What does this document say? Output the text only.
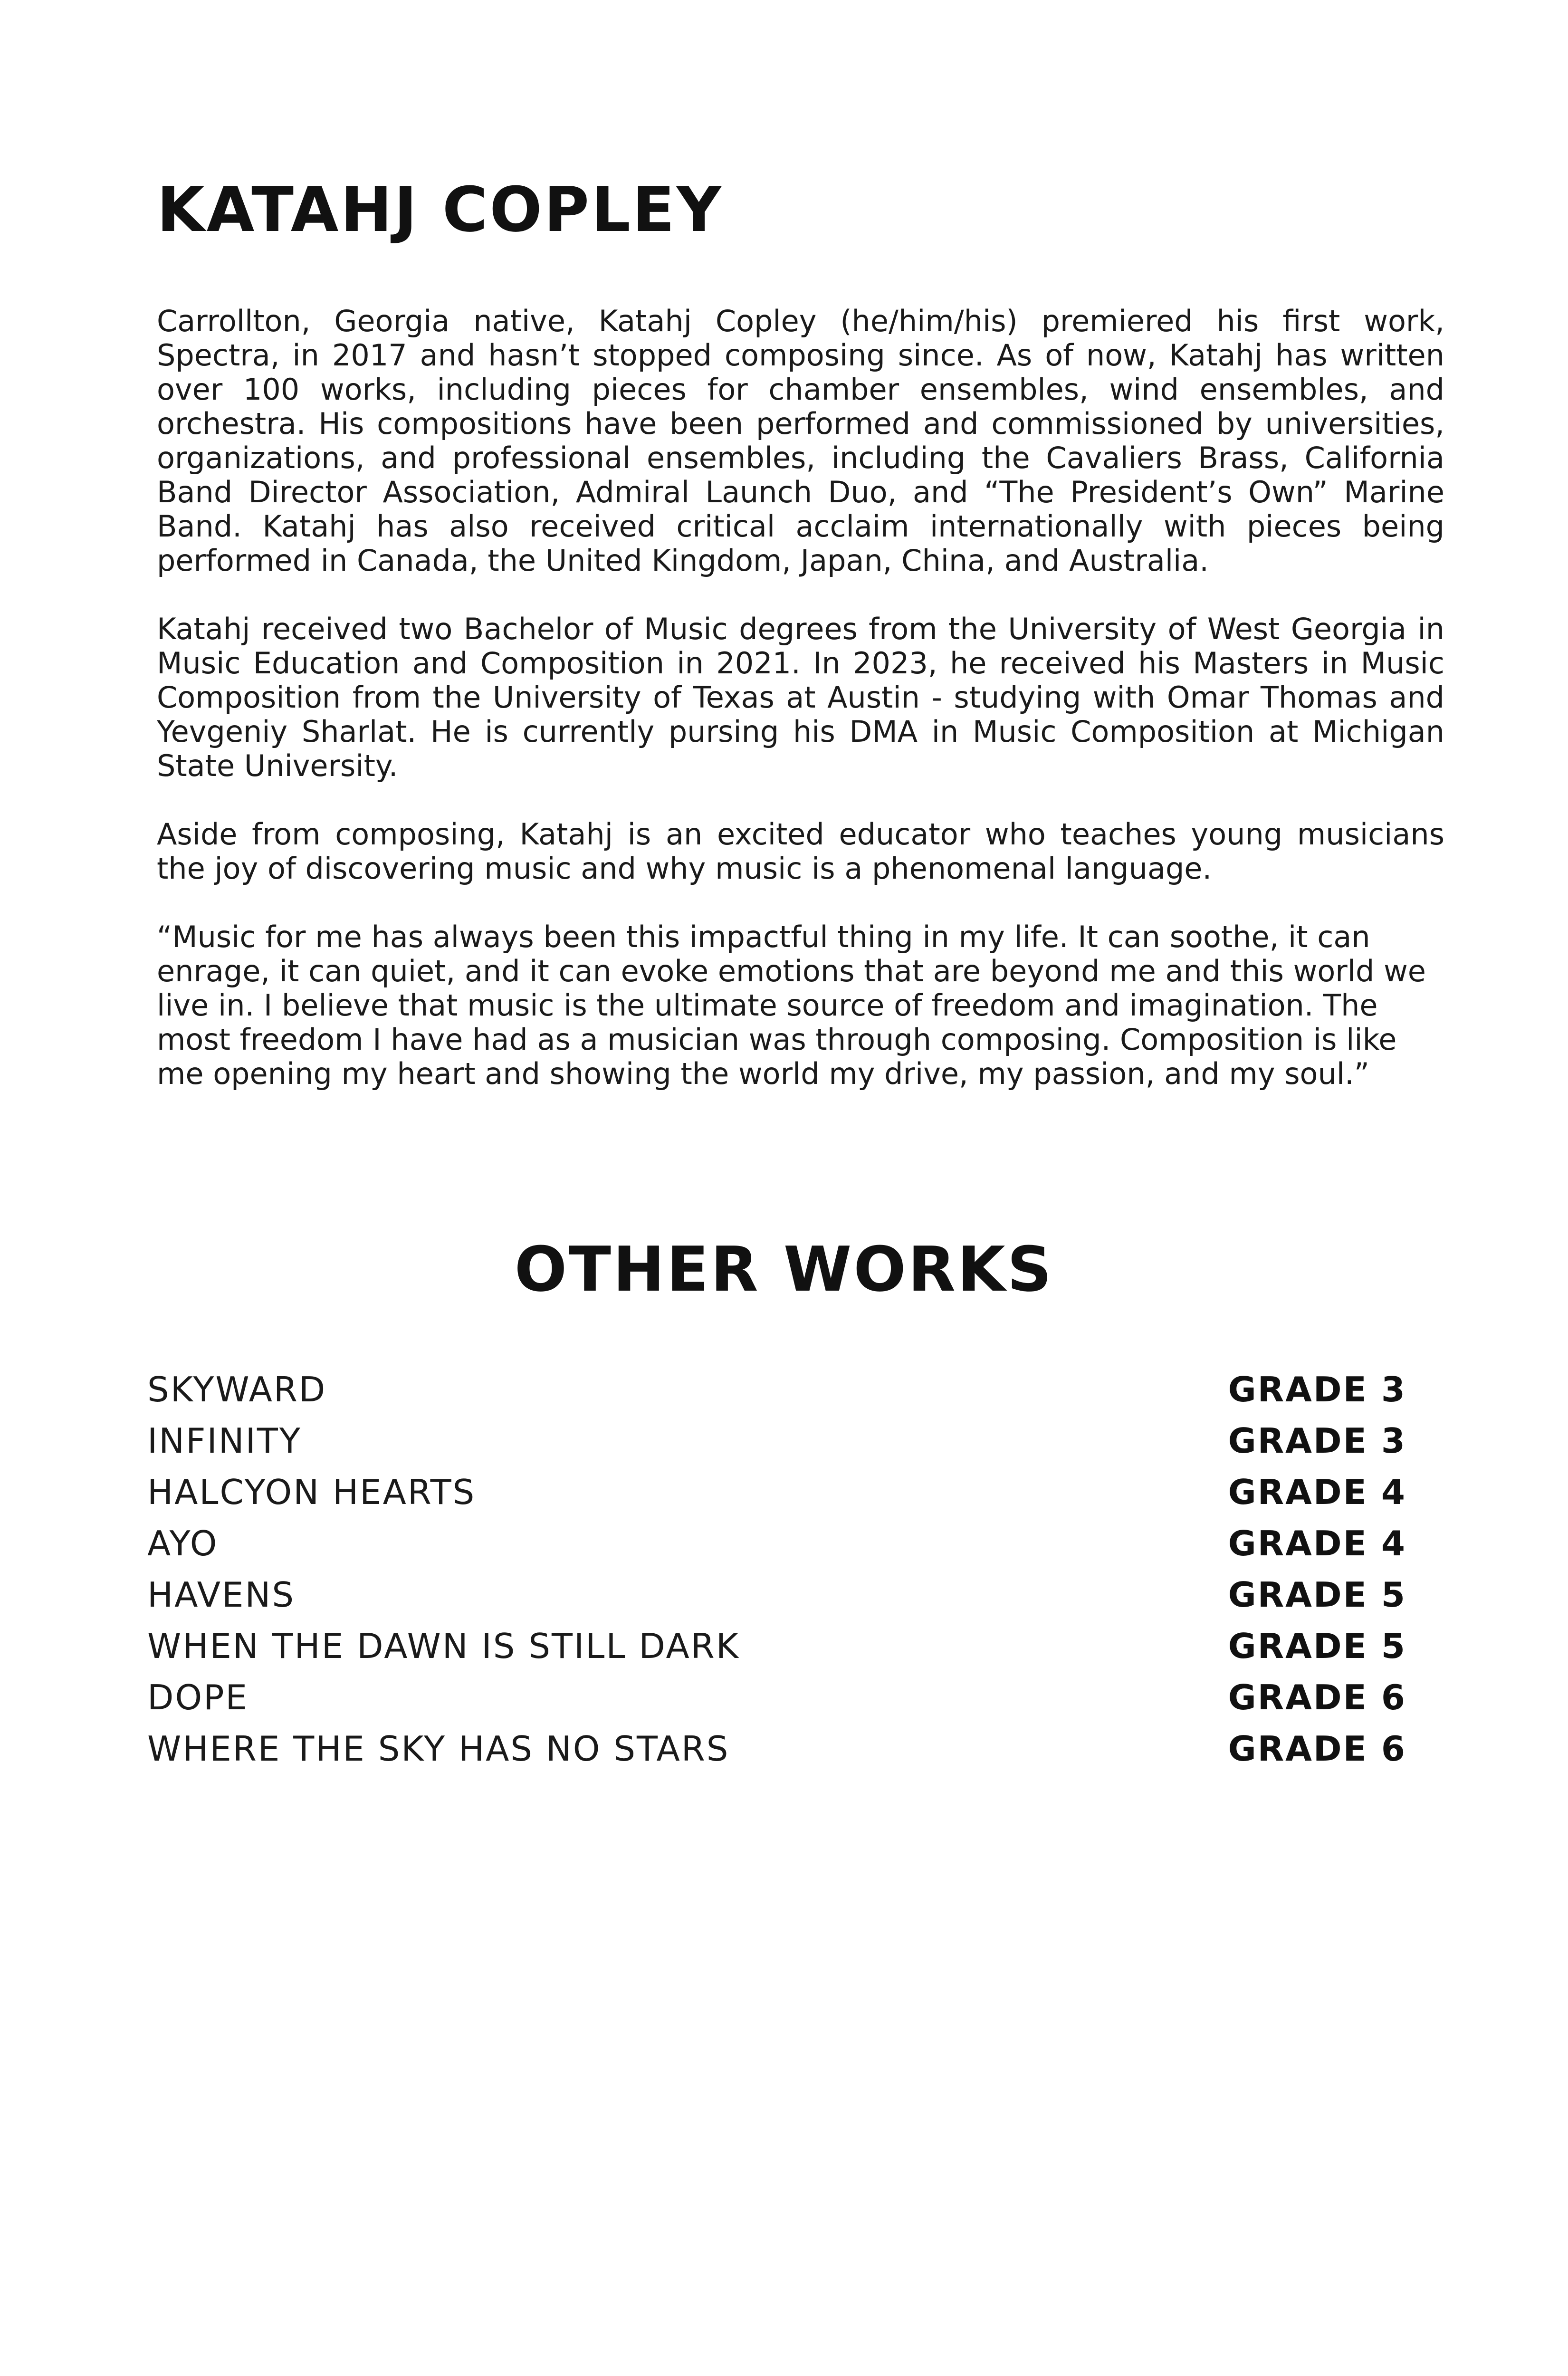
KATAHJ COPLEY

Carrollton, Georgia native, Katahj Copley (he/him/his) premiered his first work, Spectra, in 2017 and hasn’t stopped composing since. As of now, Katahj has written over 100 works, including pieces for chamber ensembles, wind ensembles, and orchestra. His compositions have been performed and commissioned by universities, organizations, and professional ensembles, including the Cavaliers Brass, California Band Director Association, Admiral Launch Duo, and “The President’s Own” Marine Band. Katahj has also received critical acclaim internationally with pieces being performed in Canada, the United Kingdom, Japan, China, and Australia.

Katahj received two Bachelor of Music degrees from the University of West Georgia in Music Education and Composition in 2021. In 2023, he received his Masters in Music Composition from the University of Texas at Austin - studying with Omar Thomas and Yevgeniy Sharlat. He is currently pursing his DMA in Music Composition at Michigan State University.

Aside from composing, Katahj is an excited educator who teaches young musicians the joy of discovering music and why music is a phenomenal language.

“Music for me has always been this impactful thing in my life. It can soothe, it can enrage, it can quiet, and it can evoke emotions that are beyond me and this world we live in. I believe that music is the ultimate source of freedom and imagination. The most freedom I have had as a musician was through composing. Composition is like me opening my heart and showing the world my drive, my passion, and my soul.”

OTHER WORKS
SKYWARD	GRADE 3
INFINITY	GRADE 3
HALCYON HEARTS	GRADE 4
AYO	GRADE 4
HAVENS	GRADE 5
WHEN THE DAWN IS STILL DARK	GRADE 5
DOPE	GRADE 6
WHERE THE SKY HAS NO STARS	GRADE 6
